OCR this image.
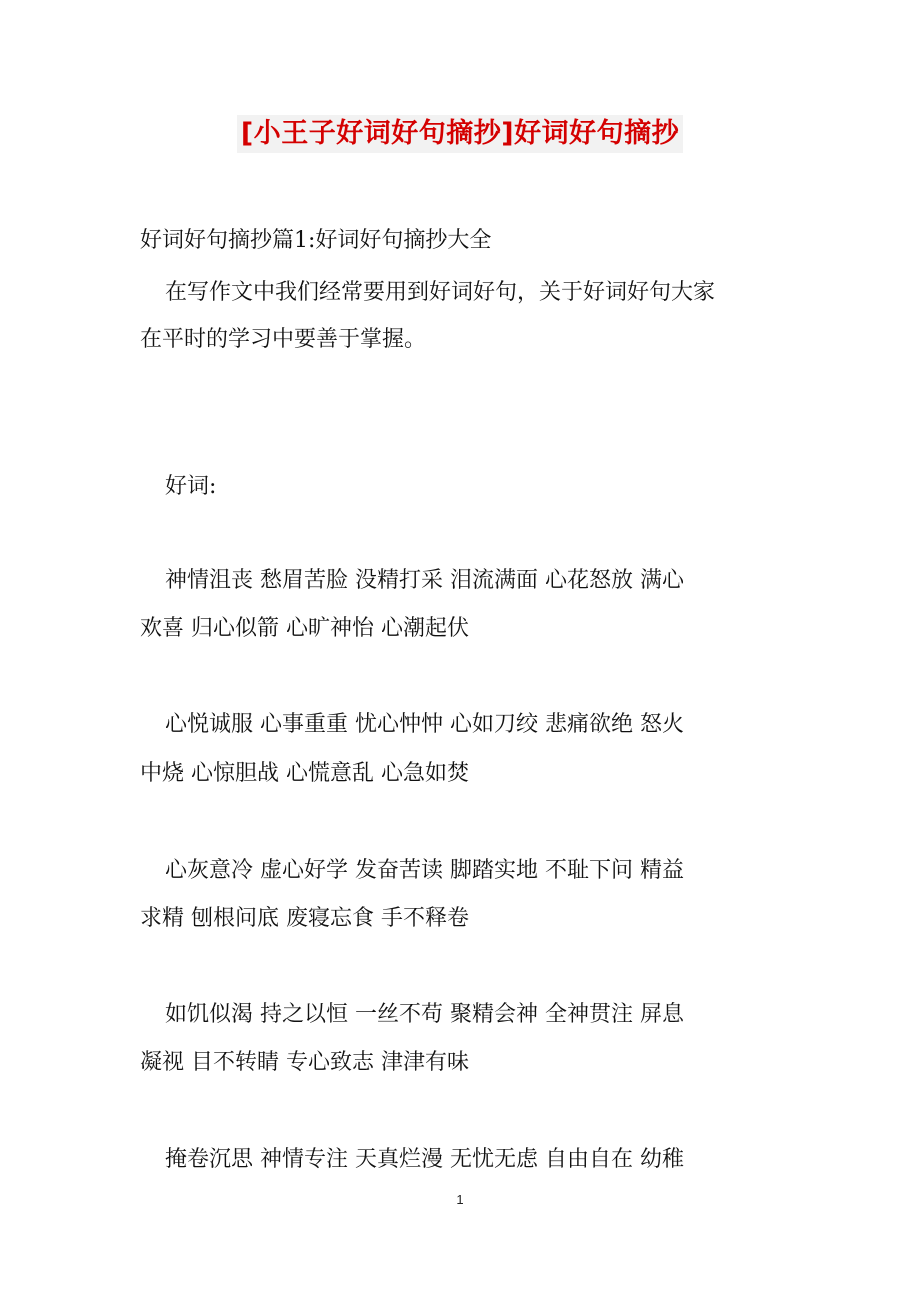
[小王子好词好句摘抄]好词好句摘抄
好词好句摘抄篇1:好词好句摘抄大全
在写作文中我们经常要用到好词好句，关于好词好句大家
在平时的学习中要善于掌握。
好词:
神情沮丧 愁眉苦脸 没精打采 泪流满面 心花怒放 满心
欢喜 归心似箭 心旷神怡 心潮起伏
心悦诚服 心事重重 忧心忡忡 心如刀绞 悲痛欲绝 怒火
中烧 心惊胆战 心慌意乱 心急如焚
心灰意冷 虚心好学 发奋苦读 脚踏实地 不耻下问 精益
求精 刨根问底 废寝忘食 手不释卷
如饥似渴 持之以恒 一丝不苟 聚精会神 全神贯注 屏息
凝视 目不转睛 专心致志 津津有味
掩卷沉思 神情专注 天真烂漫 无忧无虑 自由自在 幼稚
1
